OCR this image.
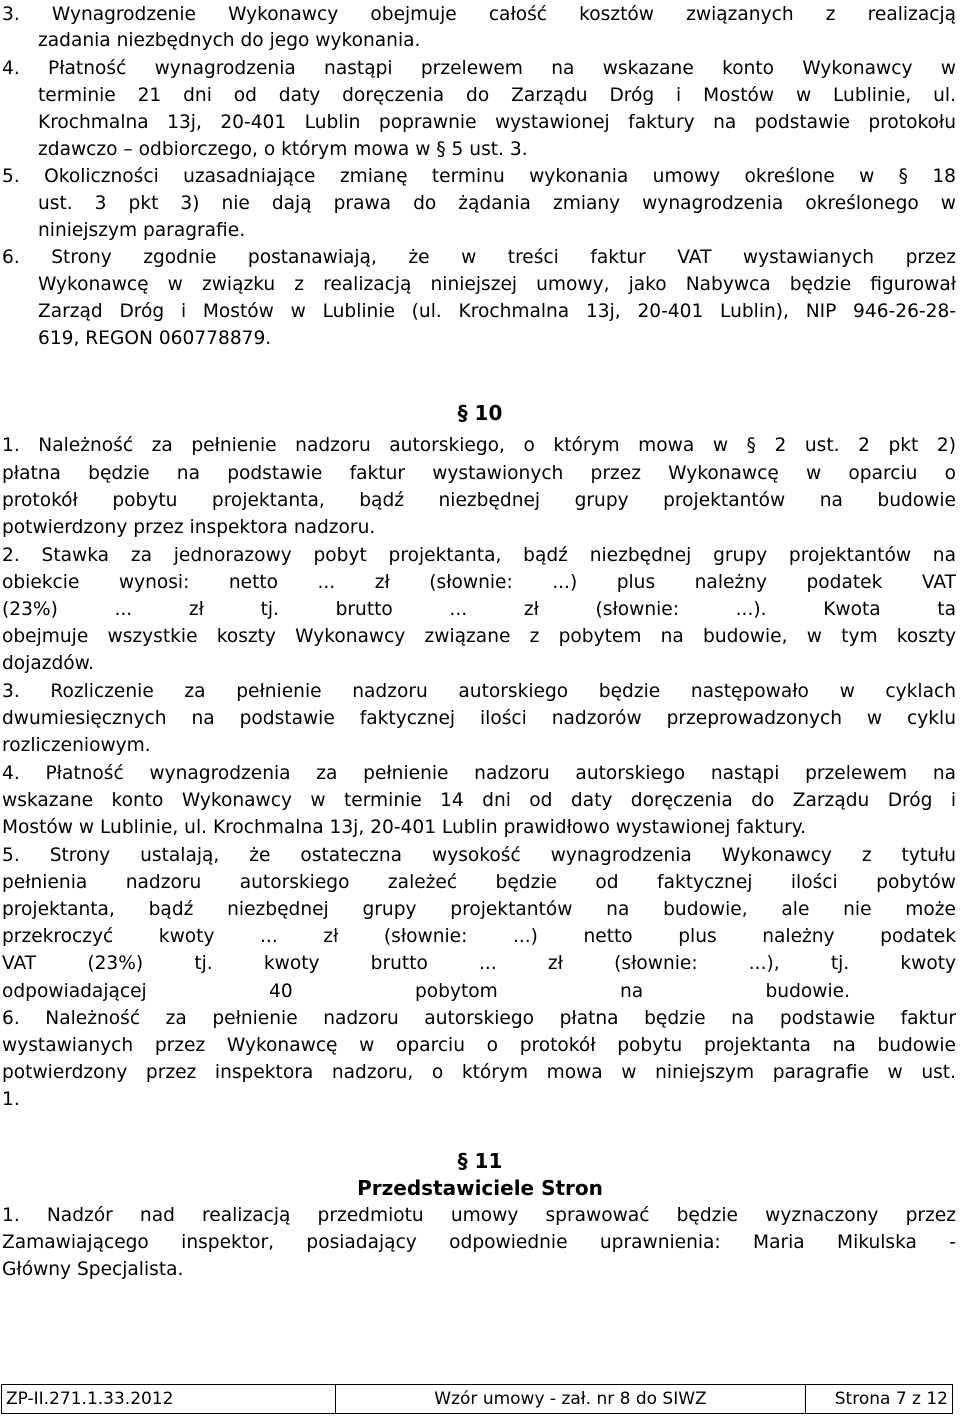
3. Wynagrodzenie Wykonawcy obejmuje całość kosztów związanych z realizacją
zadania niezbędnych do jego wykonania.
4. Płatność wynagrodzenia nastąpi przelewem na wskazane konto Wykonawcy w
terminie 21 dni od daty doręczenia do Zarządu Dróg i Mostów w Lublinie, ul.
Krochmalna 13j, 20-401 Lublin poprawnie wystawionej faktury na podstawie protokołu
zdawczo – odbiorczego, o którym mowa w § 5 ust. 3.
5. Okoliczności uzasadniające zmianę terminu wykonania umowy określone w § 18
ust. 3 pkt 3) nie dają prawa do żądania zmiany wynagrodzenia określonego w
niniejszym paragrafie.
6. Strony zgodnie postanawiają, że w treści faktur VAT wystawianych przez
Wykonawcę w związku z realizacją niniejszej umowy, jako Nabywca będzie figurował
Zarząd Dróg i Mostów w Lublinie (ul. Krochmalna 13j, 20-401 Lublin), NIP 946-26-28-
619, REGON 060778879.
§ 10
1. Należność za pełnienie nadzoru autorskiego, o którym mowa w § 2 ust. 2 pkt 2)
płatna będzie na podstawie faktur wystawionych przez Wykonawcę w oparciu o
protokół pobytu projektanta, bądź niezbędnej grupy projektantów na budowie
potwierdzony przez inspektora nadzoru.
2. Stawka za jednorazowy pobyt projektanta, bądź niezbędnej grupy projektantów na
obiekcie wynosi: netto ... zł (słownie: ...) plus należny podatek VAT
(23%) ... zł tj. brutto ... zł (słownie: ...). Kwota ta
obejmuje wszystkie koszty Wykonawcy związane z pobytem na budowie, w tym koszty
dojazdów.
3. Rozliczenie za pełnienie nadzoru autorskiego będzie następowało w cyklach
dwumiesięcznych na podstawie faktycznej ilości nadzorów przeprowadzonych w cyklu
rozliczeniowym.
4. Płatność wynagrodzenia za pełnienie nadzoru autorskiego nastąpi przelewem na
wskazane konto Wykonawcy w terminie 14 dni od daty doręczenia do Zarządu Dróg i
Mostów w Lublinie, ul. Krochmalna 13j, 20-401 Lublin prawidłowo wystawionej faktury.
5. Strony ustalają, że ostateczna wysokość wynagrodzenia Wykonawcy z tytułu
pełnienia nadzoru autorskiego zależeć będzie od faktycznej ilości pobytów
projektanta, bądź niezbędnej grupy projektantów na budowie, ale nie może
przekroczyć kwoty ... zł (słownie: ...) netto plus należny podatek
VAT (23%) tj. kwoty brutto ... zł (słownie: ...), tj. kwoty
odpowiadającej 40 pobytom na budowie.
6. Należność za pełnienie nadzoru autorskiego płatna będzie na podstawie faktur
wystawianych przez Wykonawcę w oparciu o protokół pobytu projektanta na budowie
potwierdzony przez inspektora nadzoru, o którym mowa w niniejszym paragrafie w ust.
1.
§ 11
Przedstawiciele Stron
1. Nadzór nad realizacją przedmiotu umowy sprawować będzie wyznaczony przez
Zamawiającego inspektor, posiadający odpowiednie uprawnienia: Maria Mikulska -
Główny Specjalista.
ZP-II.271.1.33.2012	Wzór umowy - zał. nr 8 do SIWZ	Strona 7 z 12
